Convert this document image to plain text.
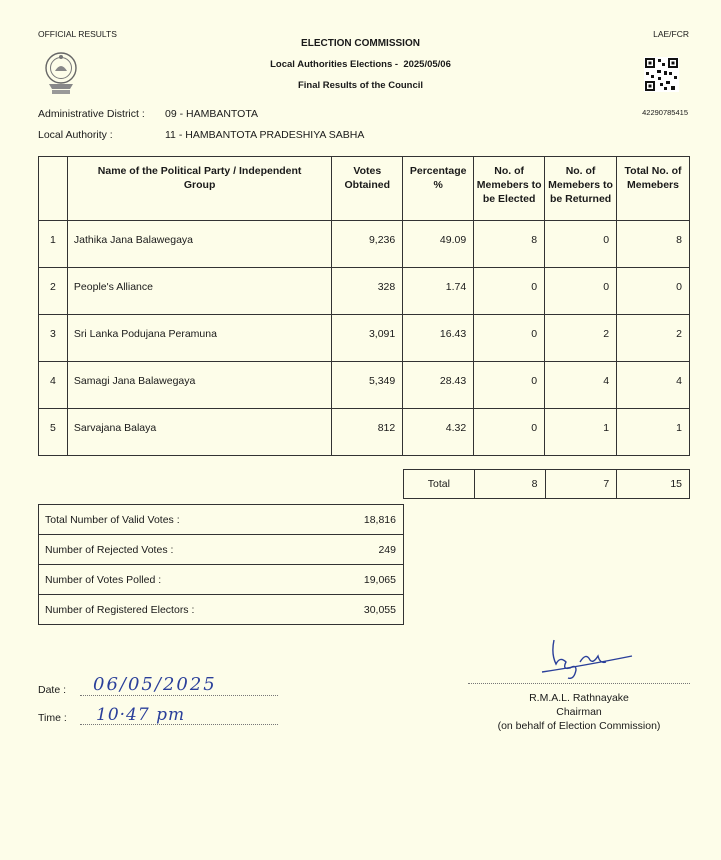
OFFICIAL RESULTS	LAE/FCR
ELECTION COMMISSION
Local Authorities Elections - 2025/05/06
Final Results of the Council
42290785415
Administrative District : 09 - HAMBANTOTA
Local Authority :	11 - HAMBANTOTA PRADESHIYA SABHA
	Name of the Political Party / Independent Group	Votes Obtained	Percentage %	No. of Memebers to be Elected	No. of Memebers to be Returned	Total No. of Memebers
1	Jathika Jana Balawegaya	9,236	49.09	8	0	8
2	People's Alliance	328	1.74	0	0	0
3	Sri Lanka Podujana Peramuna	3,091	16.43	0	2	2
4	Samagi Jana Balawegaya	5,349	28.43	0	4	4
5	Sarvajana Balaya	812	4.32	0	1	1
Total	8	7	15
Total Number of Valid Votes :	18,816
Number of Rejected Votes :	249
Number of Votes Polled :	19,065
Number of Registered Electors :	30,055
Date : 06/05/2025
Time : 10·47 pm
R.M.A.L. Rathnayake
Chairman
(on behalf of Election Commission)
